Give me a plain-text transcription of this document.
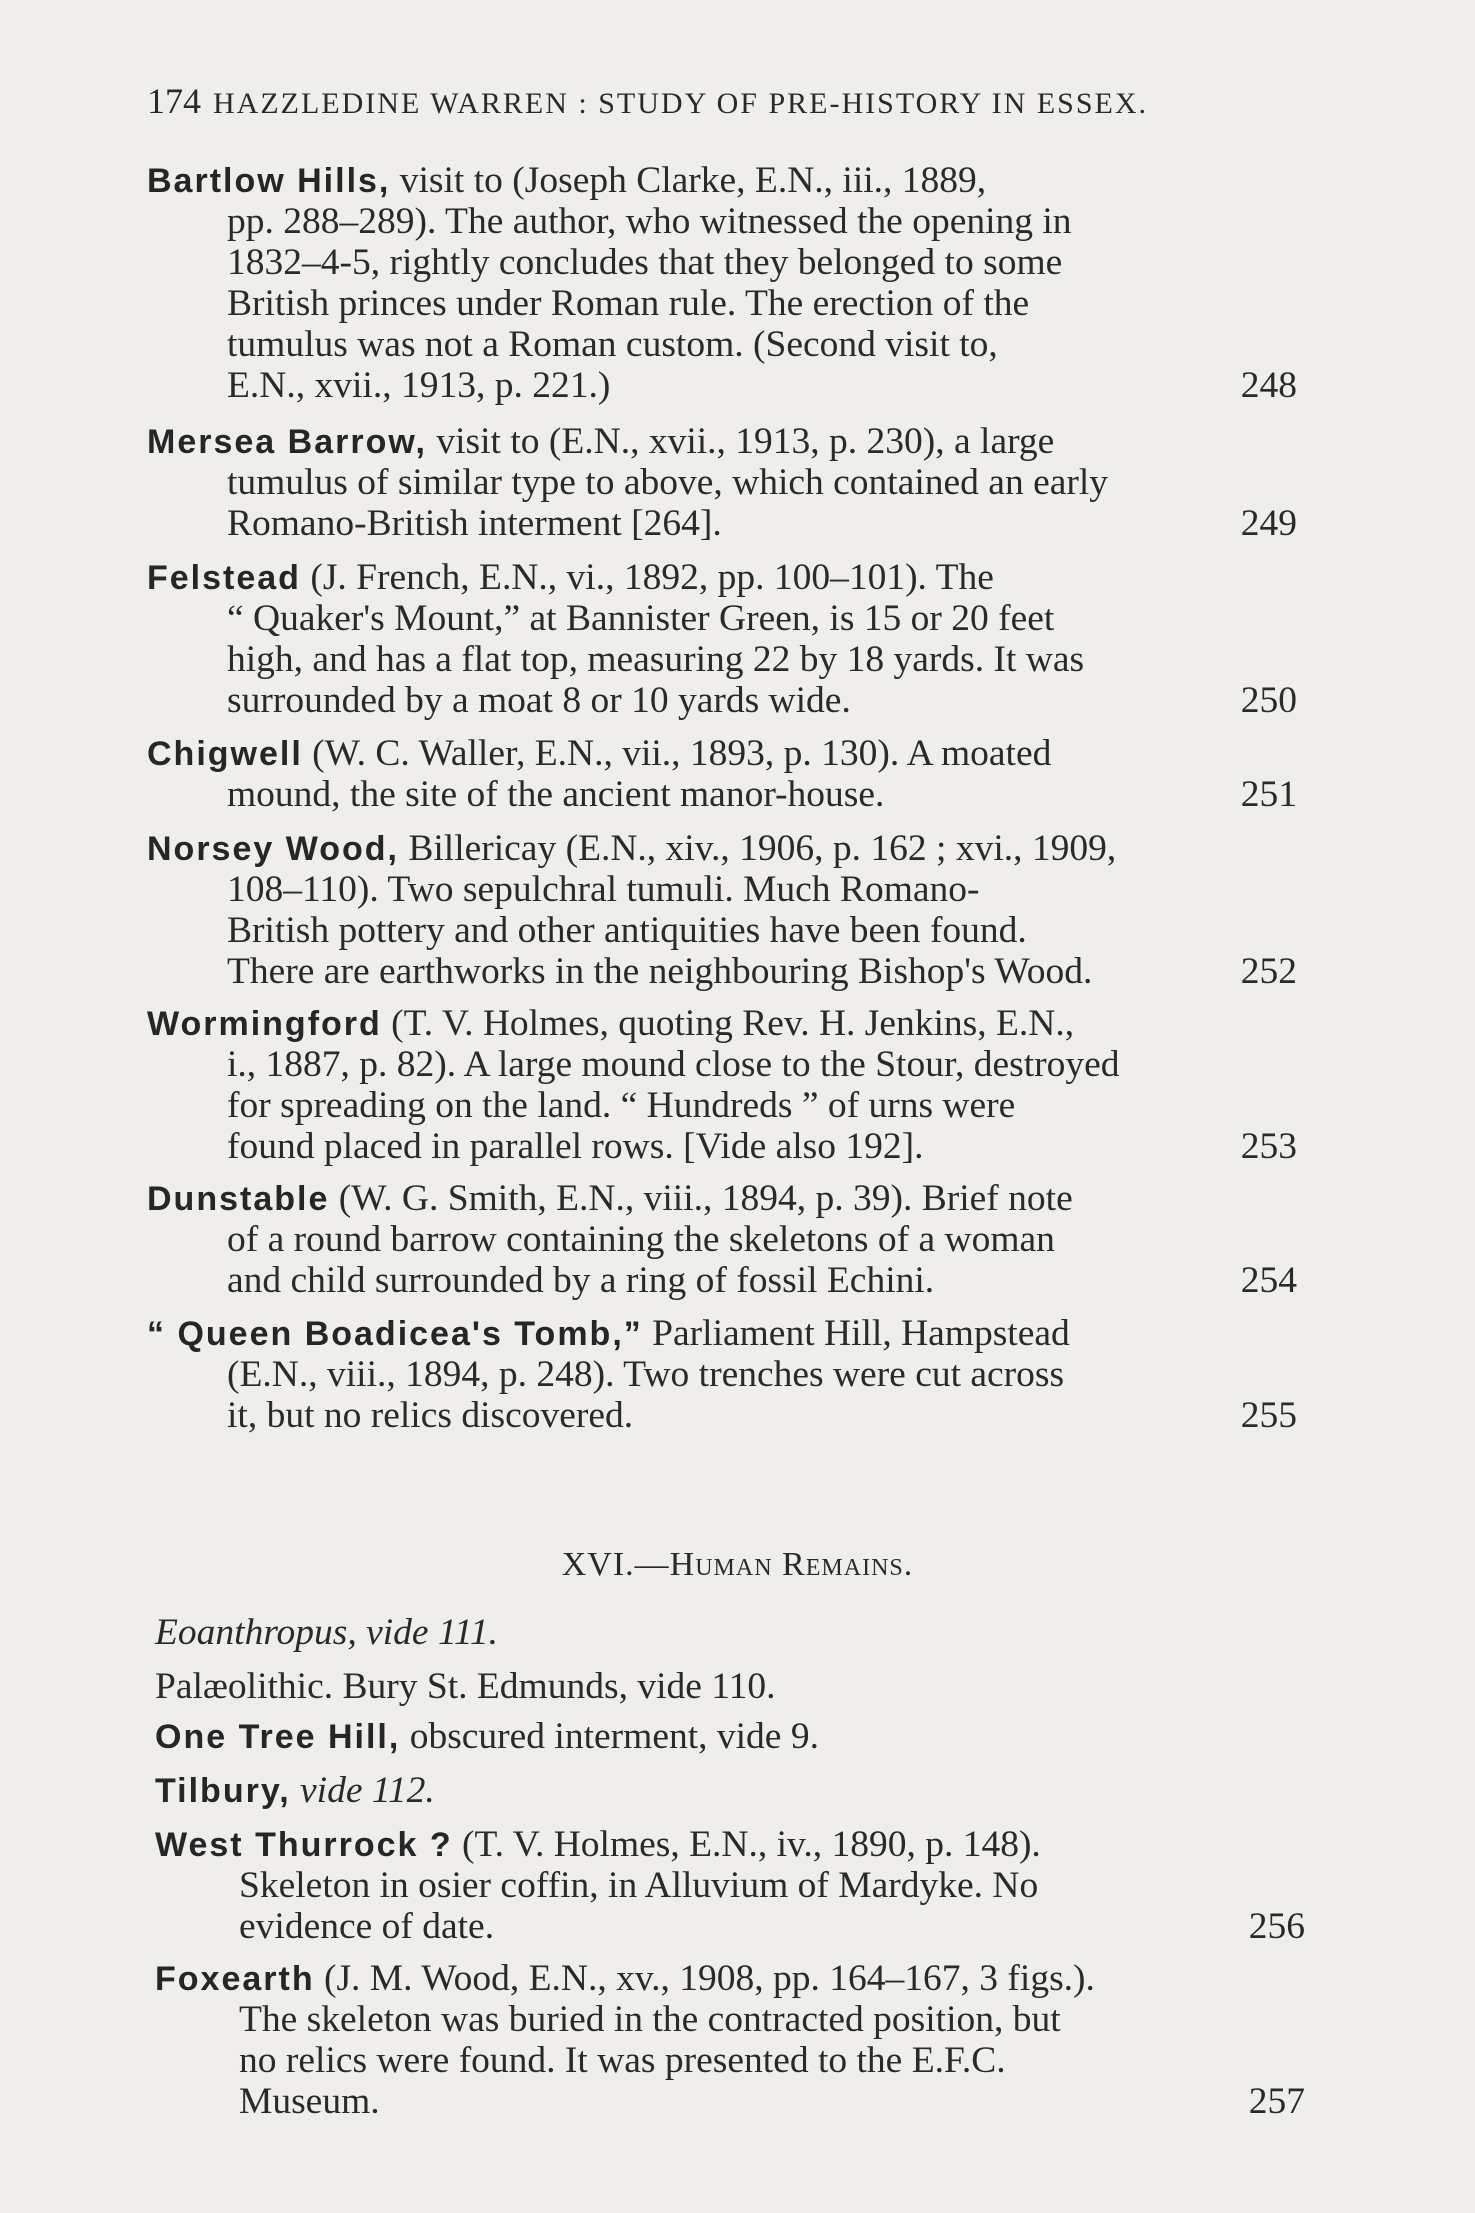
174 HAZZLEDINE WARREN : STUDY OF PRE-HISTORY IN ESSEX.
Bartlow Hills, visit to (Joseph Clarke, E.N., iii., 1889,
pp. 288–289). The author, who witnessed the opening in
1832–4-5, rightly concludes that they belonged to some
British princes under Roman rule. The erection of the
tumulus was not a Roman custom. (Second visit to,
E.N., xvii., 1913, p. 221.)	248
Mersea Barrow, visit to (E.N., xvii., 1913, p. 230), a large
tumulus of similar type to above, which contained an early
Romano-British interment [264].	249
Felstead (J. French, E.N., vi., 1892, pp. 100–101). The
“ Quaker's Mount,” at Bannister Green, is 15 or 20 feet
high, and has a flat top, measuring 22 by 18 yards. It was
surrounded by a moat 8 or 10 yards wide.	250
Chigwell (W. C. Waller, E.N., vii., 1893, p. 130). A moated
mound, the site of the ancient manor-house.	251
Norsey Wood, Billericay (E.N., xiv., 1906, p. 162 ; xvi., 1909,
108–110). Two sepulchral tumuli. Much Romano-
British pottery and other antiquities have been found.
There are earthworks in the neighbouring Bishop's Wood.	252
Wormingford (T. V. Holmes, quoting Rev. H. Jenkins, E.N.,
i., 1887, p. 82). A large mound close to the Stour, destroyed
for spreading on the land. “ Hundreds ” of urns were
found placed in parallel rows. [Vide also 192].	253
Dunstable (W. G. Smith, E.N., viii., 1894, p. 39). Brief note
of a round barrow containing the skeletons of a woman
and child surrounded by a ring of fossil Echini.	254
“ Queen Boadicea's Tomb,” Parliament Hill, Hampstead
(E.N., viii., 1894, p. 248). Two trenches were cut across
it, but no relics discovered.	255
XVI.—Human Remains.
Eoanthropus, vide 111.
Palæolithic. Bury St. Edmunds, vide 110.
One Tree Hill, obscured interment, vide 9.
Tilbury, vide 112.
West Thurrock ? (T. V. Holmes, E.N., iv., 1890, p. 148).
Skeleton in osier coffin, in Alluvium of Mardyke. No
evidence of date.	256
Foxearth (J. M. Wood, E.N., xv., 1908, pp. 164–167, 3 figs.).
The skeleton was buried in the contracted position, but
no relics were found. It was presented to the E.F.C.
Museum.	257
